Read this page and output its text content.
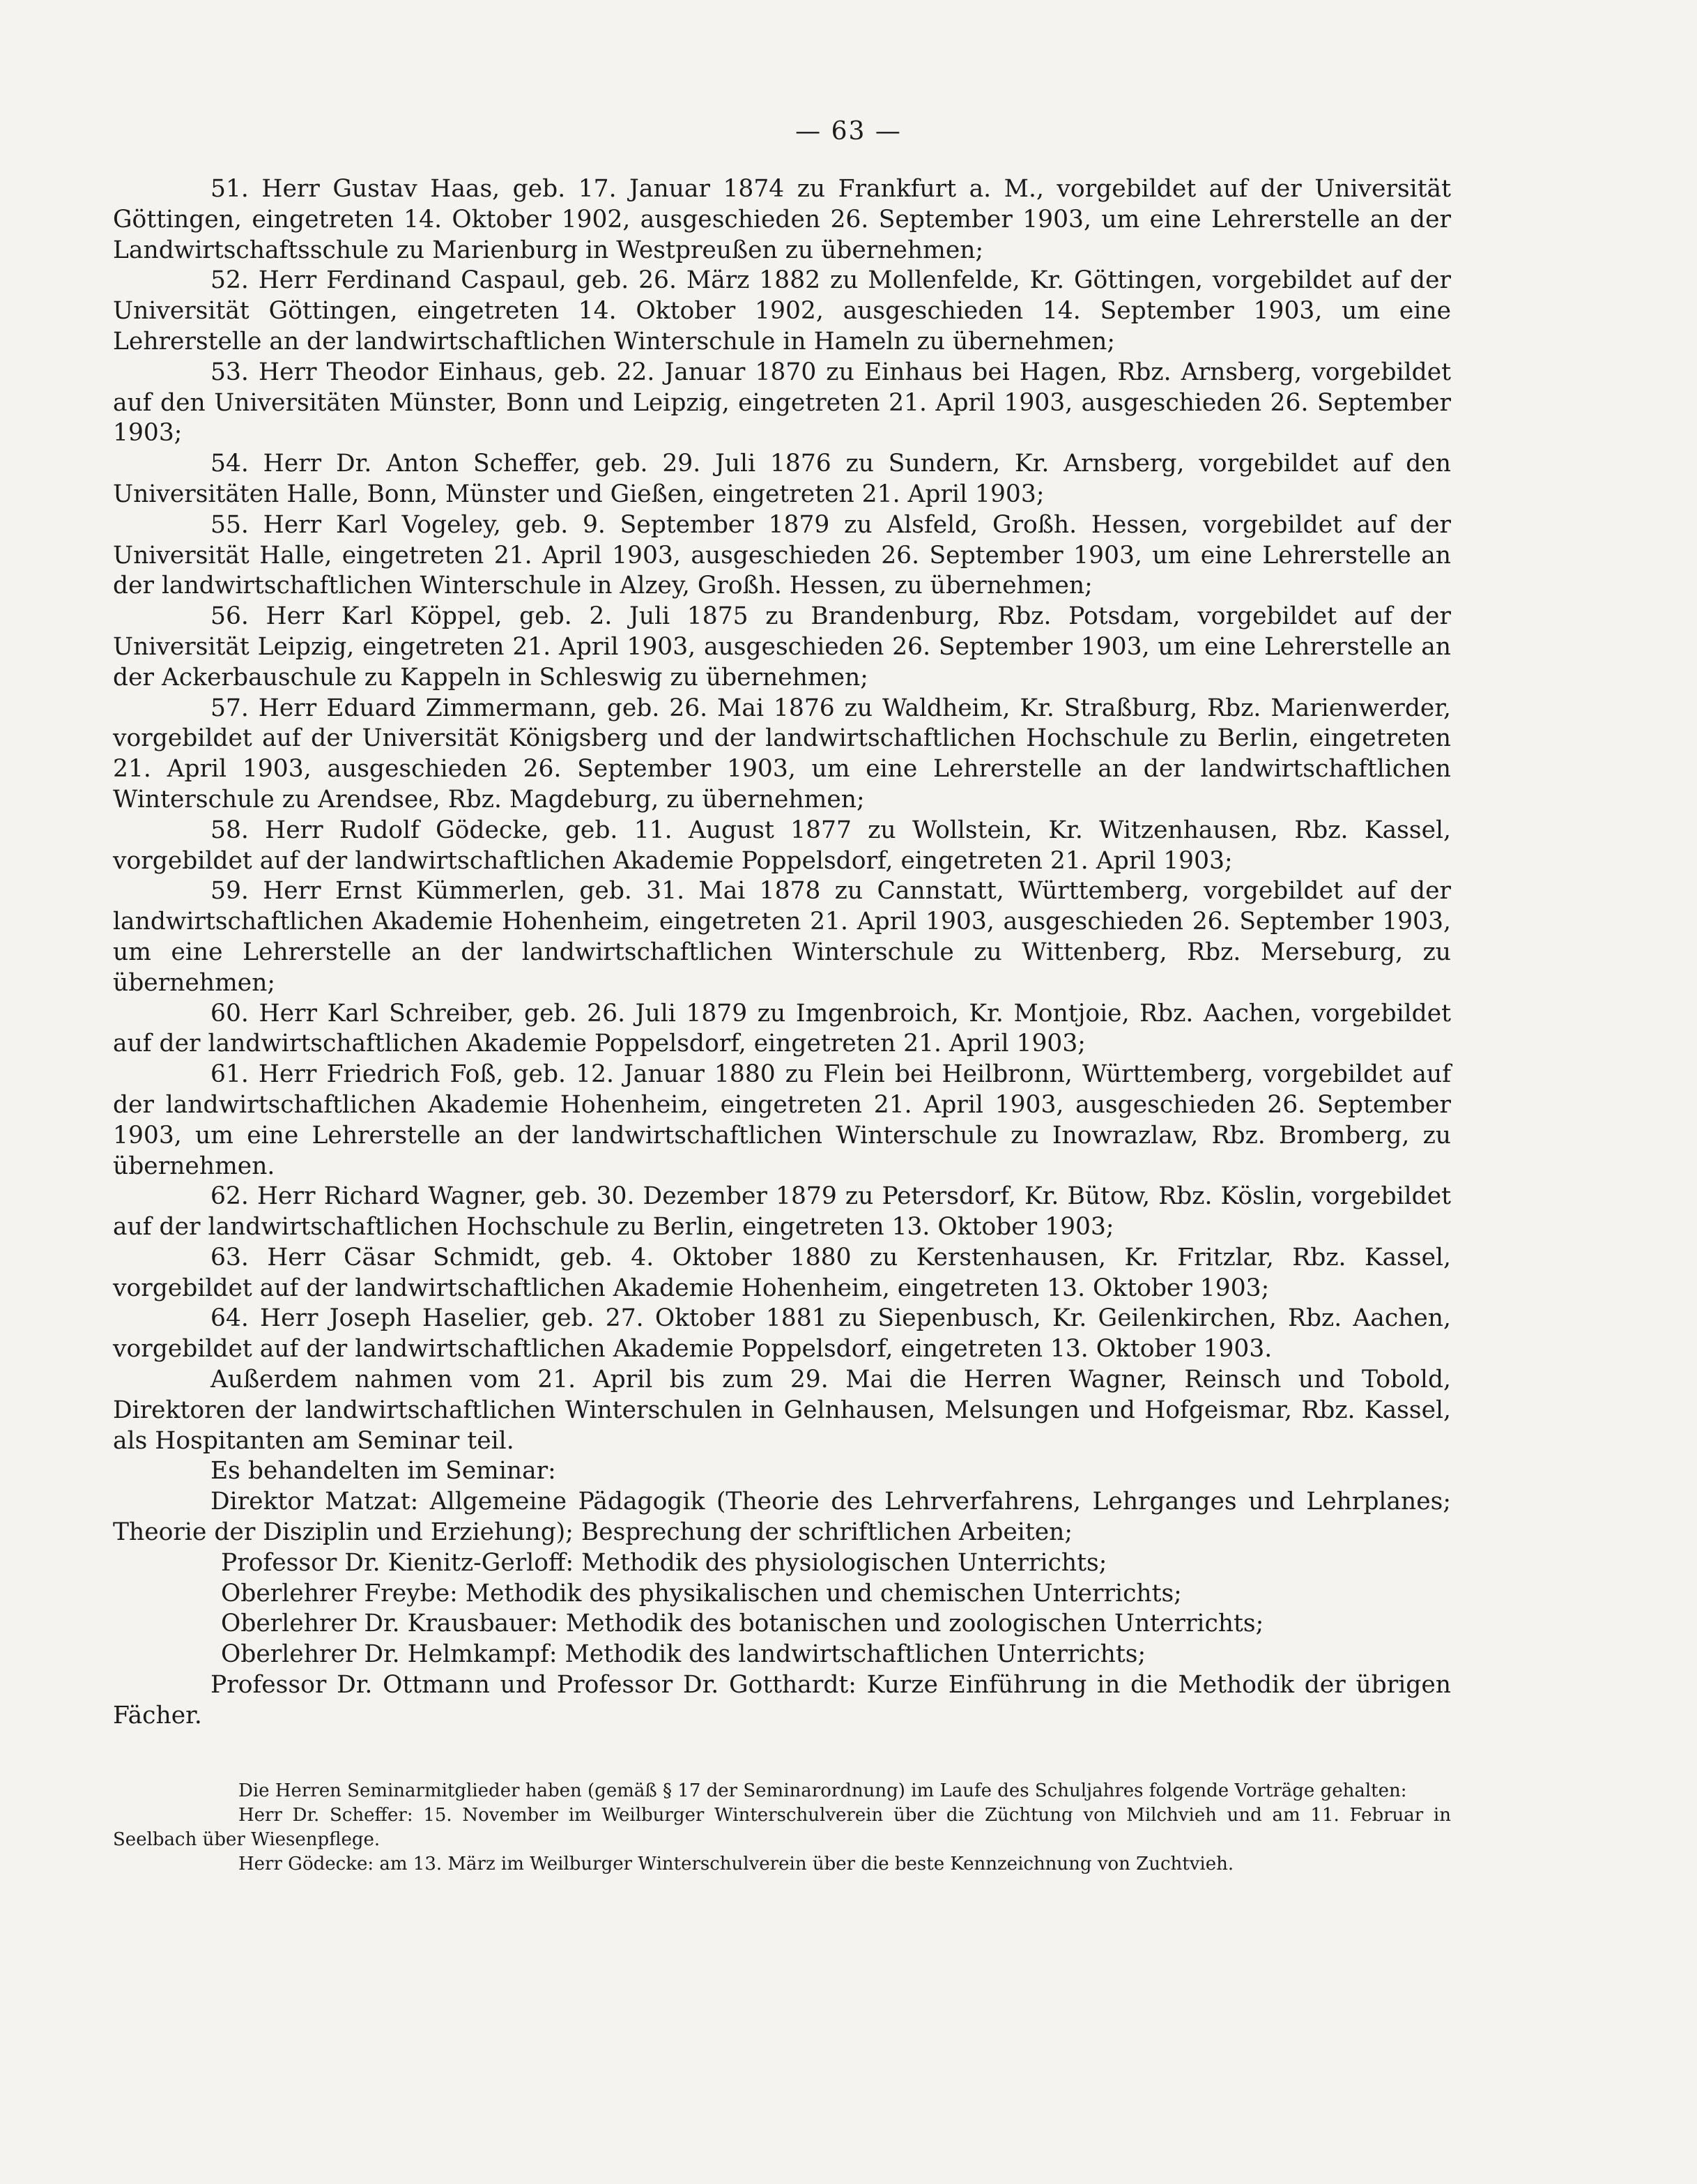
— 63 —

51. Herr Gustav Haas, geb. 17. Januar 1874 zu Frankfurt a. M., vorgebildet auf der Universität Göttingen, eingetreten 14. Oktober 1902, ausgeschieden 26. September 1903, um eine Lehrerstelle an der Landwirtschaftsschule zu Marienburg in Westpreußen zu übernehmen;

52. Herr Ferdinand Caspaul, geb. 26. März 1882 zu Mollenfelde, Kr. Göttingen, vorgebildet auf der Universität Göttingen, eingetreten 14. Oktober 1902, ausgeschieden 14. September 1903, um eine Lehrerstelle an der landwirtschaftlichen Winterschule in Hameln zu übernehmen;

53. Herr Theodor Einhaus, geb. 22. Januar 1870 zu Einhaus bei Hagen, Rbz. Arnsberg, vorgebildet auf den Universitäten Münster, Bonn und Leipzig, eingetreten 21. April 1903, ausgeschieden 26. September 1903;

54. Herr Dr. Anton Scheffer, geb. 29. Juli 1876 zu Sundern, Kr. Arnsberg, vorgebildet auf den Universitäten Halle, Bonn, Münster und Gießen, eingetreten 21. April 1903;

55. Herr Karl Vogeley, geb. 9. September 1879 zu Alsfeld, Großh. Hessen, vorgebildet auf der Universität Halle, eingetreten 21. April 1903, ausgeschieden 26. September 1903, um eine Lehrerstelle an der landwirtschaftlichen Winterschule in Alzey, Großh. Hessen, zu übernehmen;

56. Herr Karl Köppel, geb. 2. Juli 1875 zu Brandenburg, Rbz. Potsdam, vorgebildet auf der Universität Leipzig, eingetreten 21. April 1903, ausgeschieden 26. September 1903, um eine Lehrerstelle an der Ackerbauschule zu Kappeln in Schleswig zu übernehmen;

57. Herr Eduard Zimmermann, geb. 26. Mai 1876 zu Waldheim, Kr. Straßburg, Rbz. Marienwerder, vorgebildet auf der Universität Königsberg und der landwirtschaftlichen Hochschule zu Berlin, eingetreten 21. April 1903, ausgeschieden 26. September 1903, um eine Lehrerstelle an der landwirtschaftlichen Winterschule zu Arendsee, Rbz. Magdeburg, zu übernehmen;

58. Herr Rudolf Gödecke, geb. 11. August 1877 zu Wollstein, Kr. Witzenhausen, Rbz. Kassel, vorgebildet auf der landwirtschaftlichen Akademie Poppelsdorf, eingetreten 21. April 1903;

59. Herr Ernst Kümmerlen, geb. 31. Mai 1878 zu Cannstatt, Württemberg, vorgebildet auf der landwirtschaftlichen Akademie Hohenheim, eingetreten 21. April 1903, ausgeschieden 26. September 1903, um eine Lehrerstelle an der landwirtschaftlichen Winterschule zu Wittenberg, Rbz. Merseburg, zu übernehmen;

60. Herr Karl Schreiber, geb. 26. Juli 1879 zu Imgenbroich, Kr. Montjoie, Rbz. Aachen, vorgebildet auf der landwirtschaftlichen Akademie Poppelsdorf, eingetreten 21. April 1903;

61. Herr Friedrich Foß, geb. 12. Januar 1880 zu Flein bei Heilbronn, Württemberg, vorgebildet auf der landwirtschaftlichen Akademie Hohenheim, eingetreten 21. April 1903, ausgeschieden 26. September 1903, um eine Lehrerstelle an der landwirtschaftlichen Winterschule zu Inowrazlaw, Rbz. Bromberg, zu übernehmen.

62. Herr Richard Wagner, geb. 30. Dezember 1879 zu Petersdorf, Kr. Bütow, Rbz. Köslin, vorgebildet auf der landwirtschaftlichen Hochschule zu Berlin, eingetreten 13. Oktober 1903;

63. Herr Cäsar Schmidt, geb. 4. Oktober 1880 zu Kerstenhausen, Kr. Fritzlar, Rbz. Kassel, vorgebildet auf der landwirtschaftlichen Akademie Hohenheim, eingetreten 13. Oktober 1903;

64. Herr Joseph Haselier, geb. 27. Oktober 1881 zu Siepenbusch, Kr. Geilenkirchen, Rbz. Aachen, vorgebildet auf der landwirtschaftlichen Akademie Poppelsdorf, eingetreten 13. Oktober 1903.

Außerdem nahmen vom 21. April bis zum 29. Mai die Herren Wagner, Reinsch und Tobold, Direktoren der landwirtschaftlichen Winterschulen in Gelnhausen, Melsungen und Hofgeismar, Rbz. Kassel, als Hospitanten am Seminar teil.

Es behandelten im Seminar:

Direktor Matzat: Allgemeine Pädagogik (Theorie des Lehrverfahrens, Lehrganges und Lehrplanes; Theorie der Disziplin und Erziehung); Besprechung der schriftlichen Arbeiten;

Professor Dr. Kienitz-Gerloff: Methodik des physiologischen Unterrichts;

Oberlehrer Freybe: Methodik des physikalischen und chemischen Unterrichts;

Oberlehrer Dr. Krausbauer: Methodik des botanischen und zoologischen Unterrichts;

Oberlehrer Dr. Helmkampf: Methodik des landwirtschaftlichen Unterrichts;

Professor Dr. Ottmann und Professor Dr. Gotthardt: Kurze Einführung in die Methodik der übrigen Fächer.

Die Herren Seminarmitglieder haben (gemäß § 17 der Seminarordnung) im Laufe des Schuljahres folgende Vorträge gehalten:

Herr Dr. Scheffer: 15. November im Weilburger Winterschulverein über die Züchtung von Milchvieh und am 11. Februar in Seelbach über Wiesenpflege.

Herr Gödecke: am 13. März im Weilburger Winterschulverein über die beste Kennzeichnung von Zuchtvieh.
